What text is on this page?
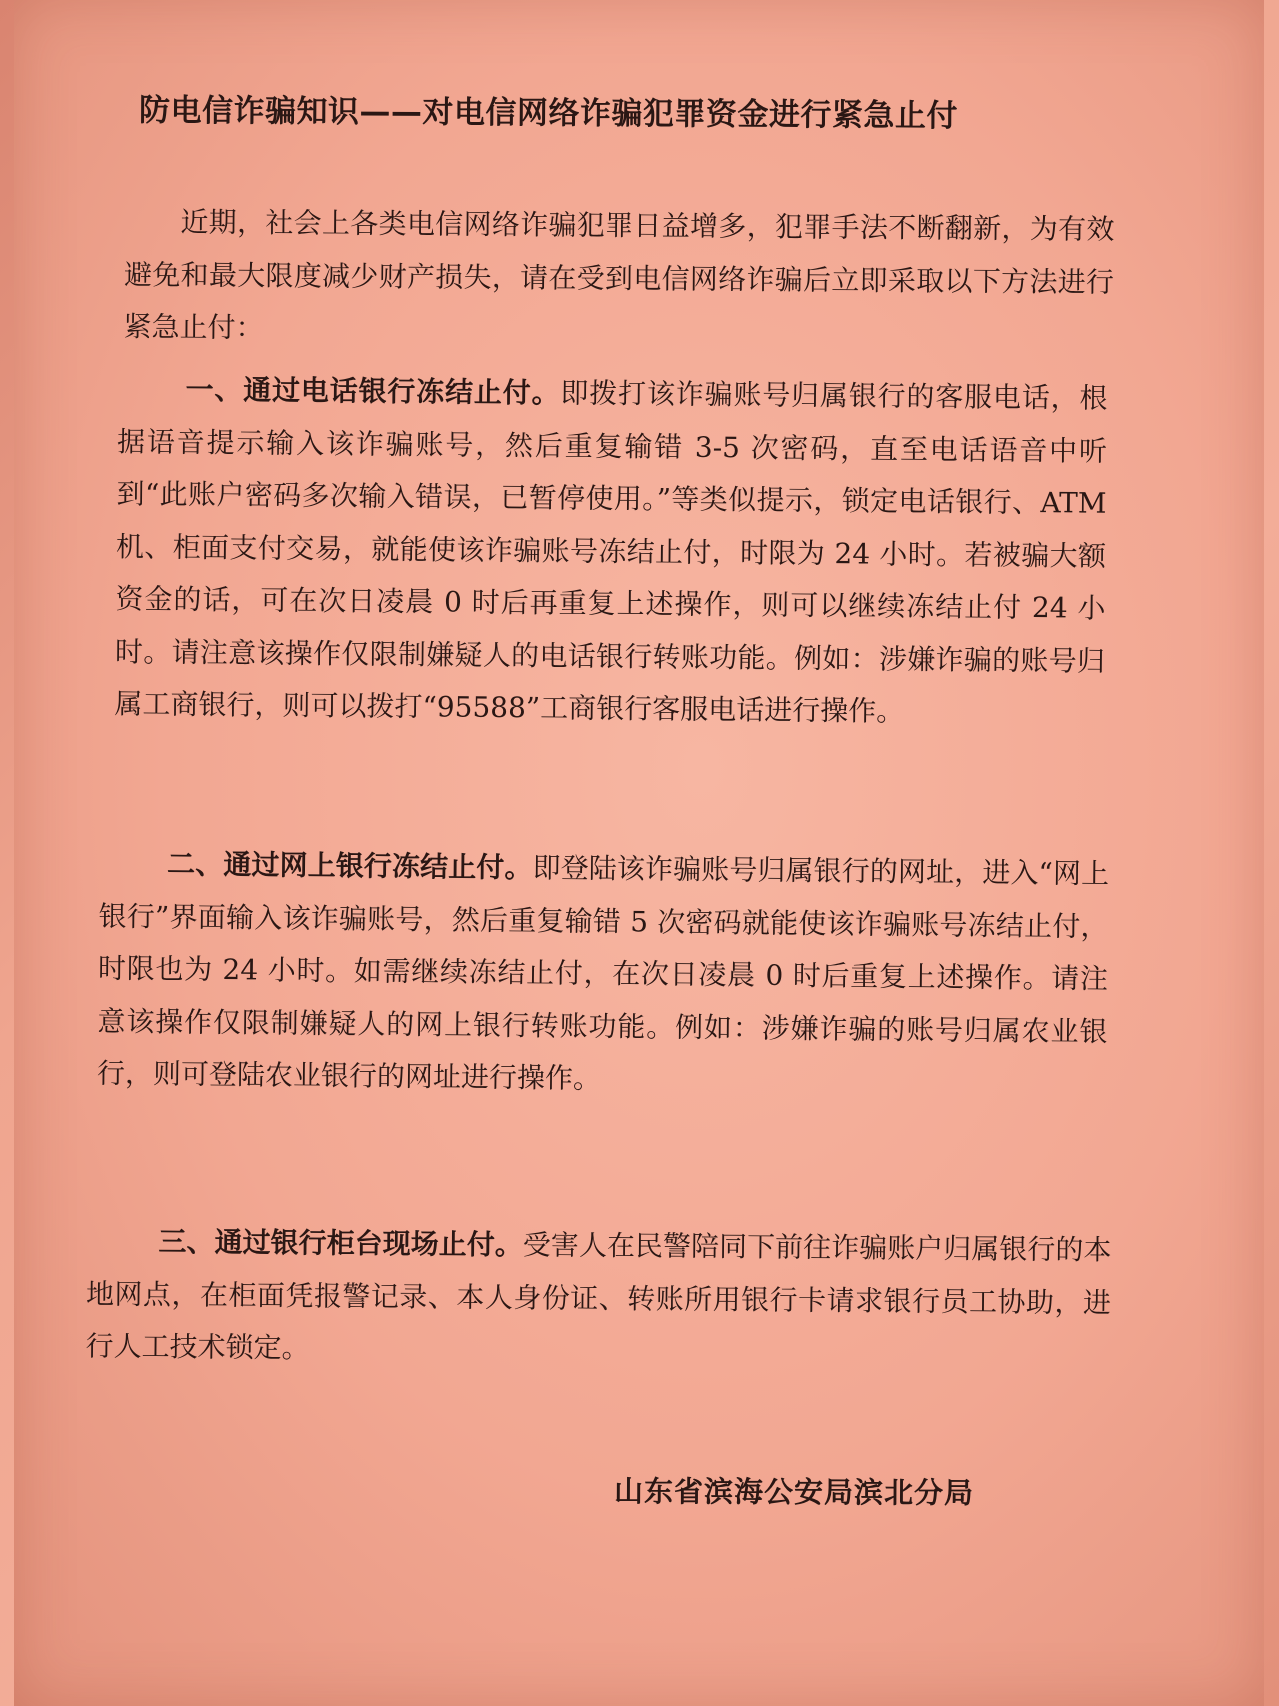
防电信诈骗知识——对电信网络诈骗犯罪资金进行紧急止付

近期，社会上各类电信网络诈骗犯罪日益增多，犯罪手法不断翻新，为有效避免和最大限度减少财产损失，请在受到电信网络诈骗后立即采取以下方法进行紧急止付：

一、通过电话银行冻结止付。即拨打该诈骗账号归属银行的客服电话，根据语音提示输入该诈骗账号，然后重复输错 3-5 次密码，直至电话语音中听到“此账户密码多次输入错误，已暂停使用。”等类似提示，锁定电话银行、ATM 机、柜面支付交易，就能使该诈骗账号冻结止付，时限为 24 小时。若被骗大额资金的话，可在次日凌晨 0 时后再重复上述操作，则可以继续冻结止付 24 小时。请注意该操作仅限制嫌疑人的电话银行转账功能。例如：涉嫌诈骗的账号归属工商银行，则可以拨打“95588”工商银行客服电话进行操作。

二、通过网上银行冻结止付。即登陆该诈骗账号归属银行的网址，进入“网上银行”界面输入该诈骗账号，然后重复输错 5 次密码就能使该诈骗账号冻结止付，时限也为 24 小时。如需继续冻结止付，在次日凌晨 0 时后重复上述操作。请注意该操作仅限制嫌疑人的网上银行转账功能。例如：涉嫌诈骗的账号归属农业银行，则可登陆农业银行的网址进行操作。

三、通过银行柜台现场止付。受害人在民警陪同下前往诈骗账户归属银行的本地网点，在柜面凭报警记录、本人身份证、转账所用银行卡请求银行员工协助，进行人工技术锁定。

山东省滨海公安局滨北分局
